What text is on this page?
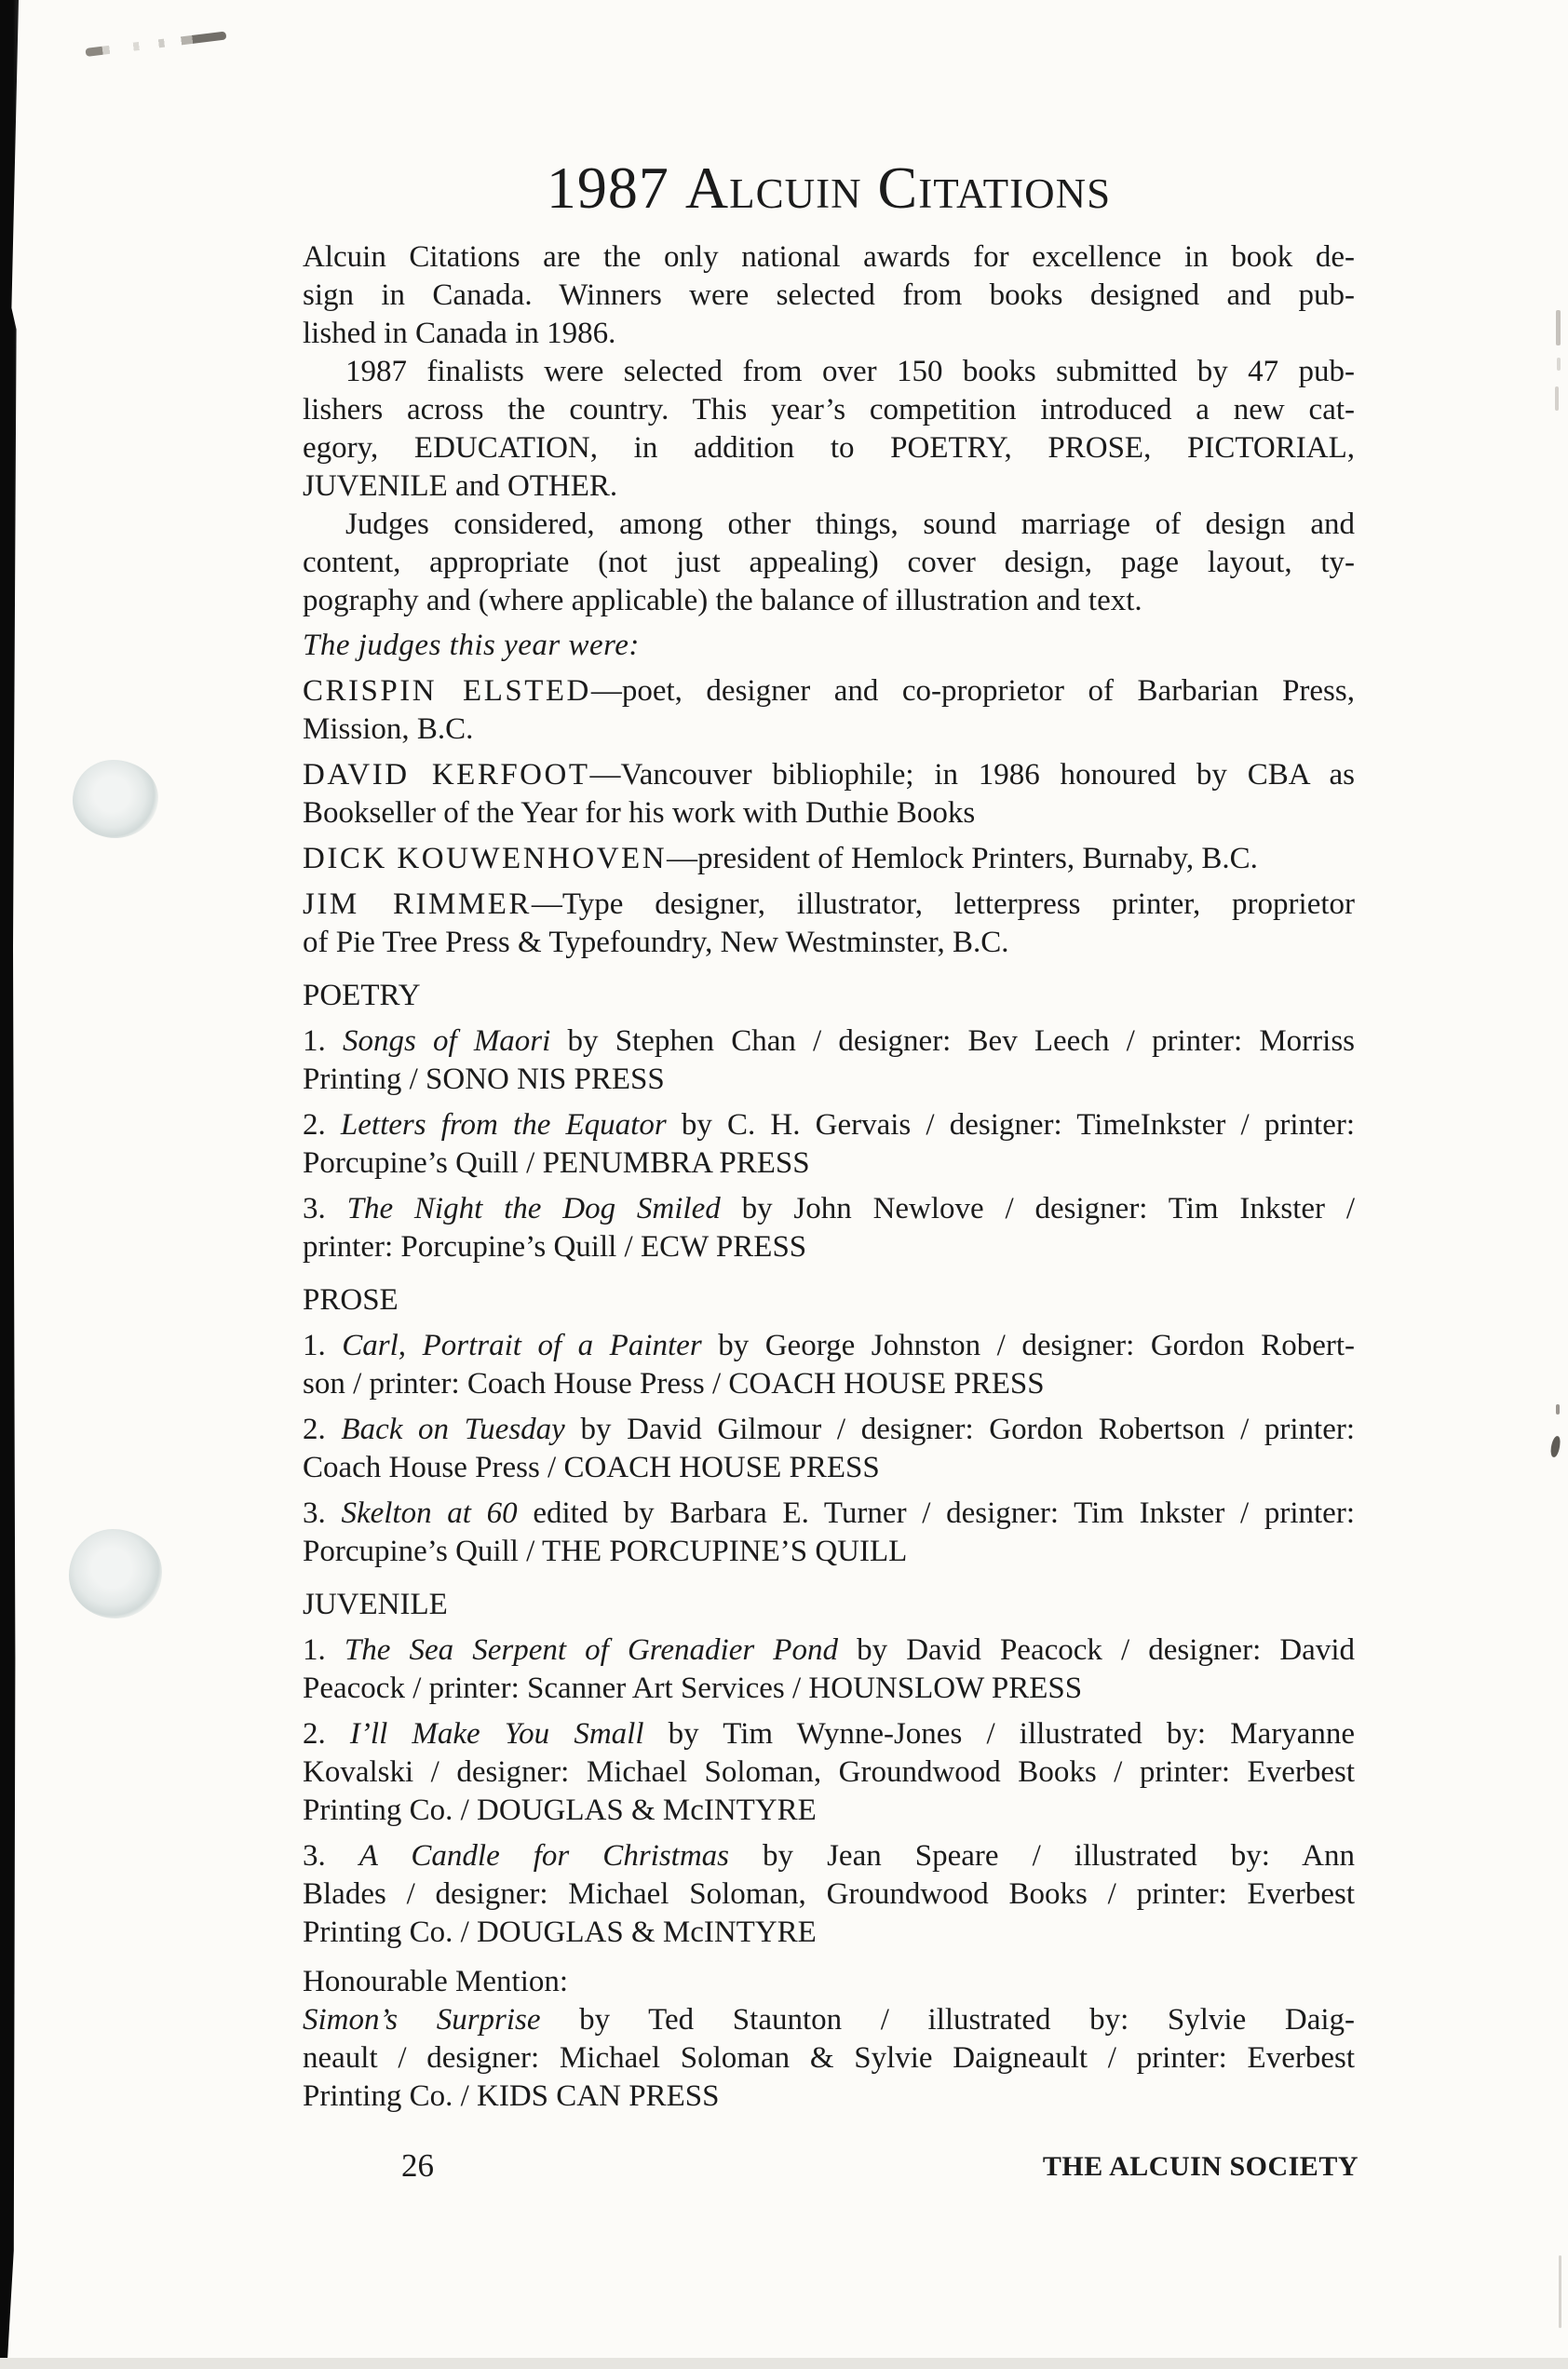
1987 Alcuin Citations
Alcuin Citations are the only national awards for excellence in book de-
sign in Canada. Winners were selected from books designed and pub-
lished in Canada in 1986.
1987 finalists were selected from over 150 books submitted by 47 pub-
lishers across the country. This year’s competition introduced a new cat-
egory, EDUCATION, in addition to POETRY, PROSE, PICTORIAL,
JUVENILE and OTHER.
Judges considered, among other things, sound marriage of design and
content, appropriate (not just appealing) cover design, page layout, ty-
pography and (where applicable) the balance of illustration and text.
The judges this year were:
CRISPIN ELSTED—poet, designer and co-proprietor of Barbarian Press,
Mission, B.C.
DAVID KERFOOT—Vancouver bibliophile; in 1986 honoured by CBA as
Bookseller of the Year for his work with Duthie Books
DICK KOUWENHOVEN—president of Hemlock Printers, Burnaby, B.C.
JIM RIMMER—Type designer, illustrator, letterpress printer, proprietor
of Pie Tree Press & Typefoundry, New Westminster, B.C.
POETRY
1. Songs of Maori by Stephen Chan / designer: Bev Leech / printer: Morriss
Printing / SONO NIS PRESS
2. Letters from the Equator by C. H. Gervais / designer: TimeInkster / printer:
Porcupine’s Quill / PENUMBRA PRESS
3. The Night the Dog Smiled by John Newlove / designer: Tim Inkster /
printer: Porcupine’s Quill / ECW PRESS
PROSE
1. Carl, Portrait of a Painter by George Johnston / designer: Gordon Robert-
son / printer: Coach House Press / COACH HOUSE PRESS
2. Back on Tuesday by David Gilmour / designer: Gordon Robertson / printer:
Coach House Press / COACH HOUSE PRESS
3. Skelton at 60 edited by Barbara E. Turner / designer: Tim Inkster / printer:
Porcupine’s Quill / THE PORCUPINE’S QUILL
JUVENILE
1. The Sea Serpent of Grenadier Pond by David Peacock / designer: David
Peacock / printer: Scanner Art Services / HOUNSLOW PRESS
2. I’ll Make You Small by Tim Wynne-Jones / illustrated by: Maryanne
Kovalski / designer: Michael Soloman, Groundwood Books / printer: Everbest
Printing Co. / DOUGLAS & McINTYRE
3. A Candle for Christmas by Jean Speare / illustrated by: Ann
Blades / designer: Michael Soloman, Groundwood Books / printer: Everbest
Printing Co. / DOUGLAS & McINTYRE
Honourable Mention:
Simon’s Surprise by Ted Staunton / illustrated by: Sylvie Daig-
neault / designer: Michael Soloman & Sylvie Daigneault / printer: Everbest
Printing Co. / KIDS CAN PRESS
26	THE ALCUIN SOCIETY
